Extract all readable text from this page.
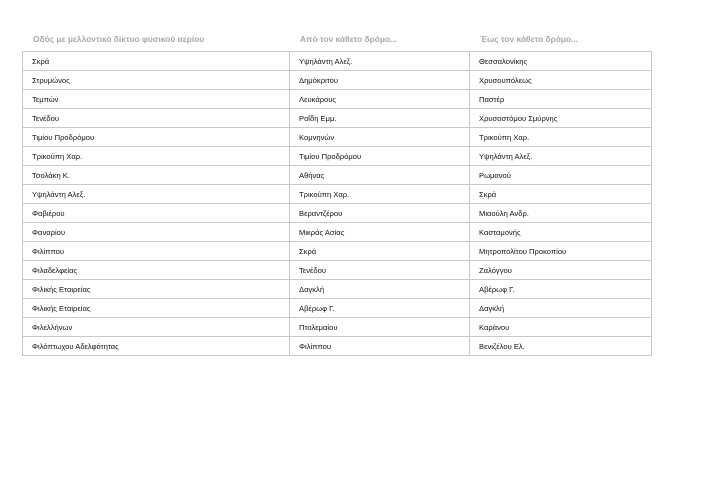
Οδός με μελλοντικό δίκτυο φυσικού αερίου	Από τον κάθετο δρόμο...	Έως τον κάθετο δρόμο...
Σκρά	Υψηλάντη Αλεξ.	Θεσσαλονίκης
Στρυμώνος	Δημόκριτου	Χρυσουπόλεως
Τεμπών	Λευκάρους	Παστέρ
Τενέδου	Ροΐδη Εμμ.	Χρυσοστόμου Σμύρνης
Τιμίου Προδρόμου	Κομνηνών	Τρικούπη Χαρ.
Τρικούπη Χαρ.	Τιμίου Προδρόμου	Υψηλάντη Αλεξ.
Τσολάκη Κ.	Αθήνας	Ρωμανού
Υψηλάντη Αλεξ.	Τρικούπη Χαρ.	Σκρά
Φαβιέρου	Βεραντζέρου	Μιαούλη Ανδρ.
Φαναρίου	Μικράς Ασίας	Κασταμονής
Φιλίππου	Σκρά	Μητροπολίτου Προκοπίου
Φιλαδελφείας	Τενέδου	Ζαλόγγου
Φιλικής Εταιρείας	Δαγκλή	Αβέρωφ Γ.
Φιλικής Εταιρείας	Αβέρωφ Γ.	Δαγκλή
Φιλελλήνων	Πτολεμαίου	Καράνου
Φιλόπτωχου Αδελφότητας	Φιλίππου	Βενιζέλου Ελ.
